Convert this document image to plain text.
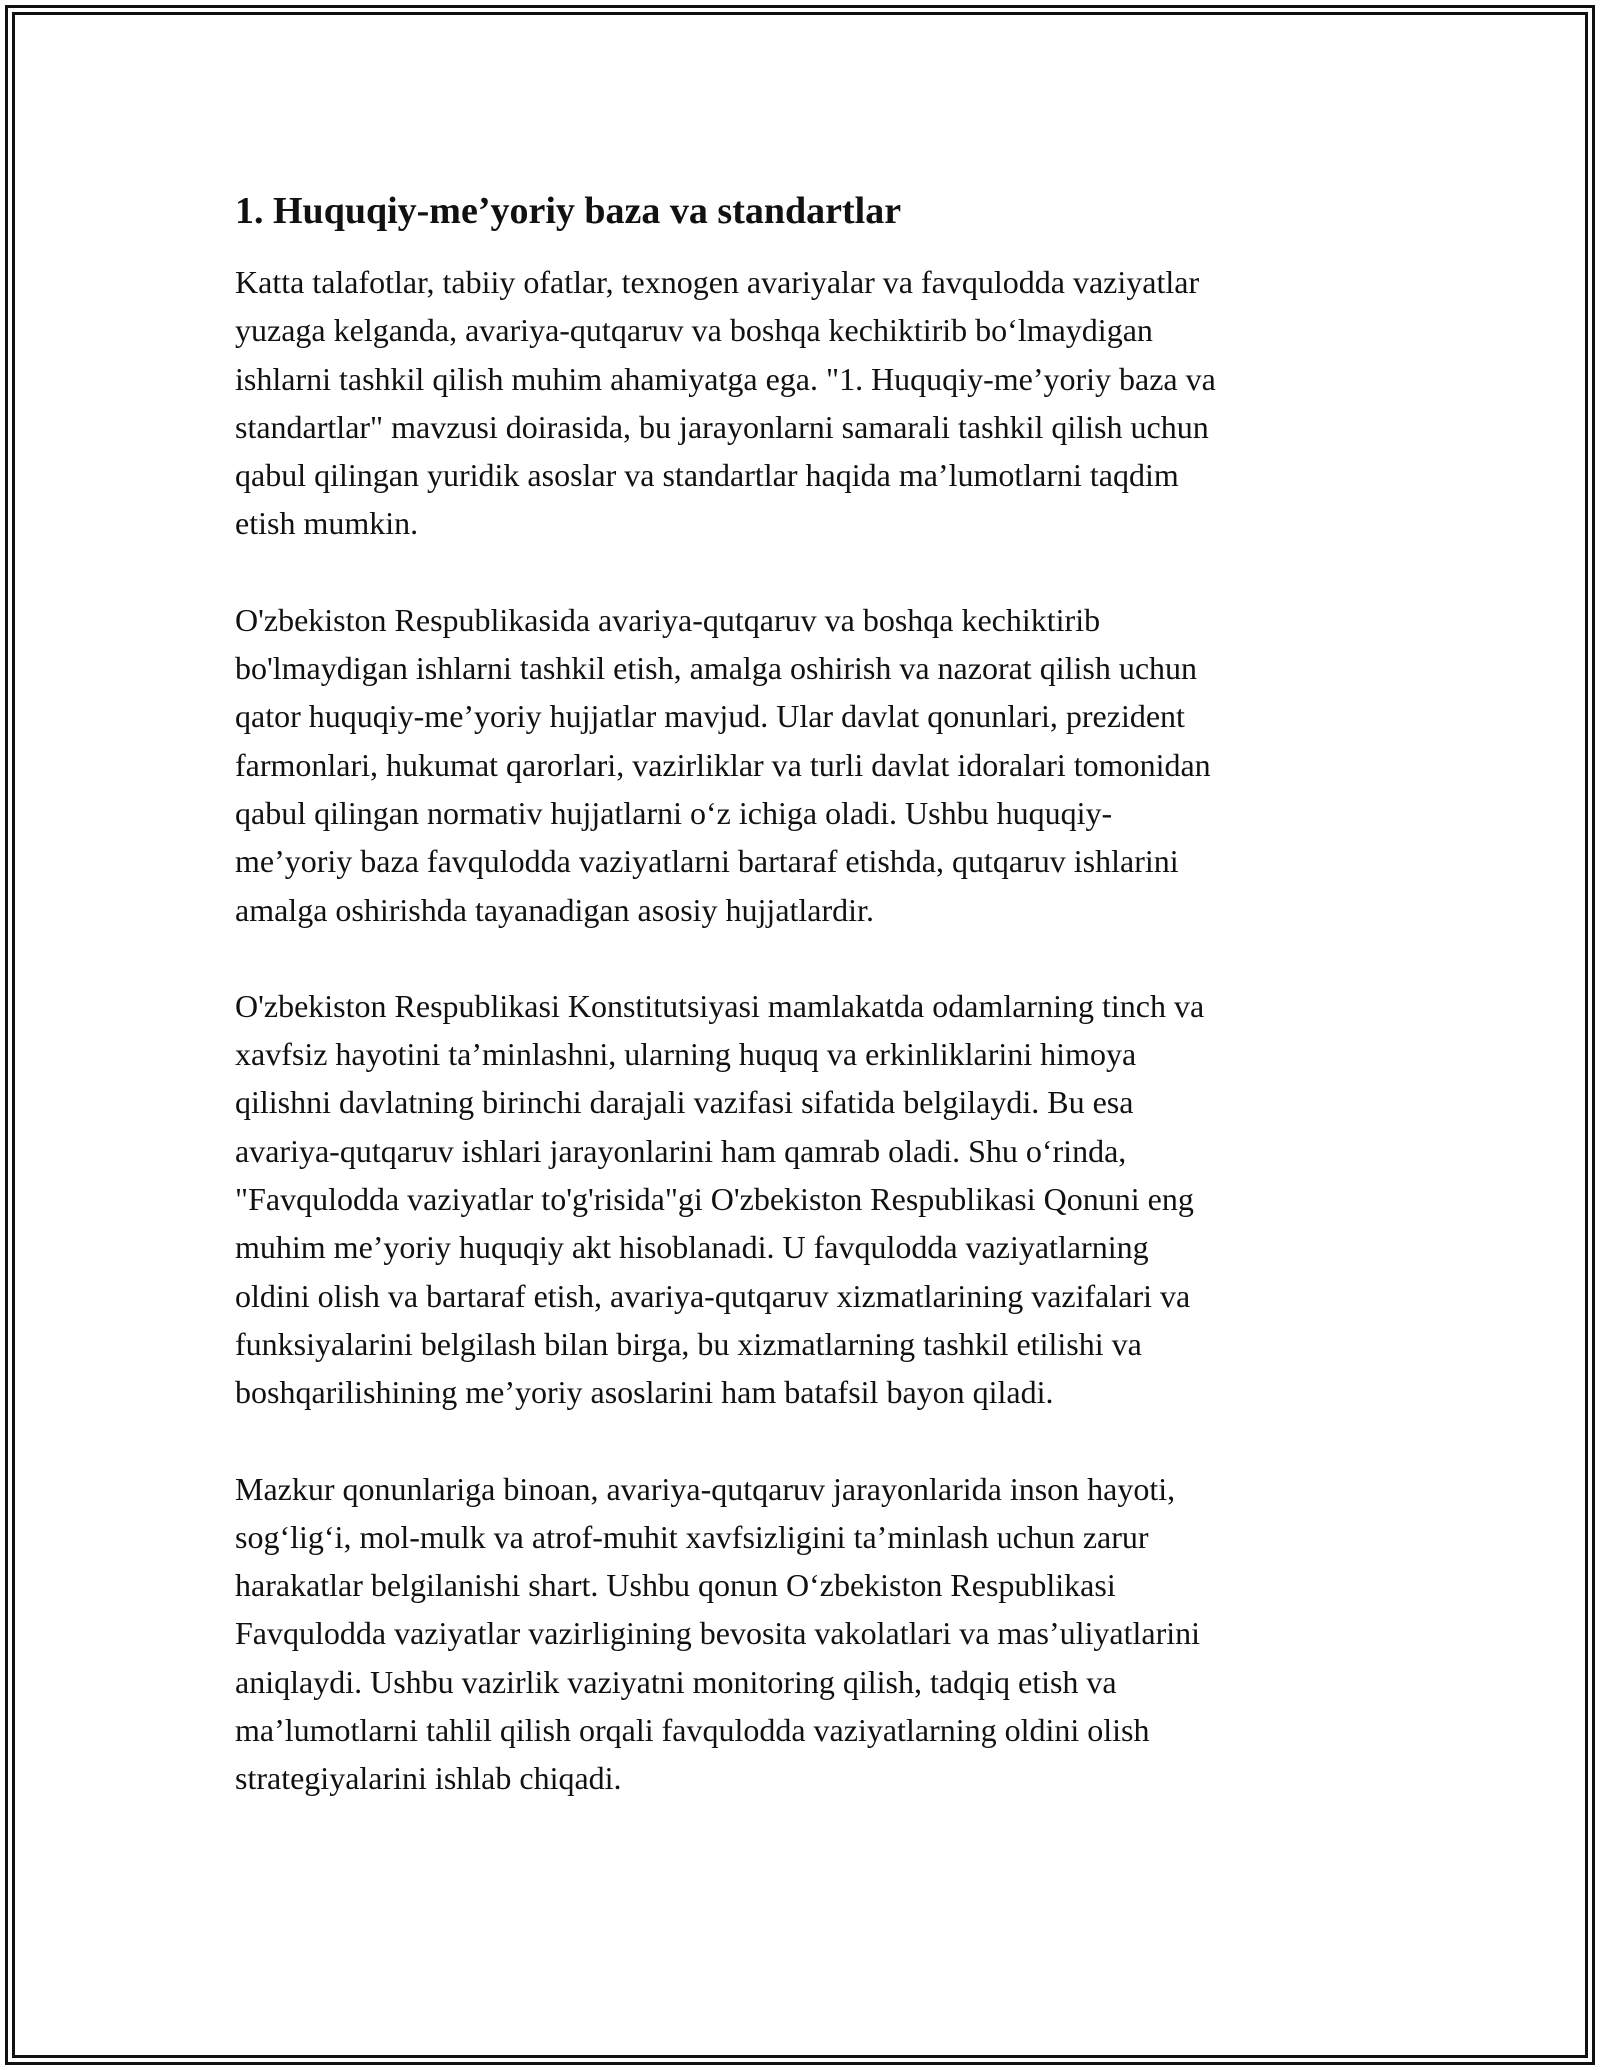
1. Huquqiy-me’yoriy baza va standartlar
Katta talafotlar, tabiiy ofatlar, texnogen avariyalar va favqulodda vaziyatlar
yuzaga kelganda, avariya-qutqaruv va boshqa kechiktirib bo‘lmaydigan
ishlarni tashkil qilish muhim ahamiyatga ega. "1. Huquqiy-me’yoriy baza va
standartlar" mavzusi doirasida, bu jarayonlarni samarali tashkil qilish uchun
qabul qilingan yuridik asoslar va standartlar haqida ma’lumotlarni taqdim
etish mumkin.
O'zbekiston Respublikasida avariya-qutqaruv va boshqa kechiktirib
bo'lmaydigan ishlarni tashkil etish, amalga oshirish va nazorat qilish uchun
qator huquqiy-me’yoriy hujjatlar mavjud. Ular davlat qonunlari, prezident
farmonlari, hukumat qarorlari, vazirliklar va turli davlat idoralari tomonidan
qabul qilingan normativ hujjatlarni o‘z ichiga oladi. Ushbu huquqiy-
me’yoriy baza favqulodda vaziyatlarni bartaraf etishda, qutqaruv ishlarini
amalga oshirishda tayanadigan asosiy hujjatlardir.
O'zbekiston Respublikasi Konstitutsiyasi mamlakatda odamlarning tinch va
xavfsiz hayotini ta’minlashni, ularning huquq va erkinliklarini himoya
qilishni davlatning birinchi darajali vazifasi sifatida belgilaydi. Bu esa
avariya-qutqaruv ishlari jarayonlarini ham qamrab oladi. Shu o‘rinda,
"Favqulodda vaziyatlar to'g'risida"gi O'zbekiston Respublikasi Qonuni eng
muhim me’yoriy huquqiy akt hisoblanadi. U favqulodda vaziyatlarning
oldini olish va bartaraf etish, avariya-qutqaruv xizmatlarining vazifalari va
funksiyalarini belgilash bilan birga, bu xizmatlarning tashkil etilishi va
boshqarilishining me’yoriy asoslarini ham batafsil bayon qiladi.
Mazkur qonunlariga binoan, avariya-qutqaruv jarayonlarida inson hayoti,
sog‘lig‘i, mol-mulk va atrof-muhit xavfsizligini ta’minlash uchun zarur
harakatlar belgilanishi shart. Ushbu qonun O‘zbekiston Respublikasi
Favqulodda vaziyatlar vazirligining bevosita vakolatlari va mas’uliyatlarini
aniqlaydi. Ushbu vazirlik vaziyatni monitoring qilish, tadqiq etish va
ma’lumotlarni tahlil qilish orqali favqulodda vaziyatlarning oldini olish
strategiyalarini ishlab chiqadi.
